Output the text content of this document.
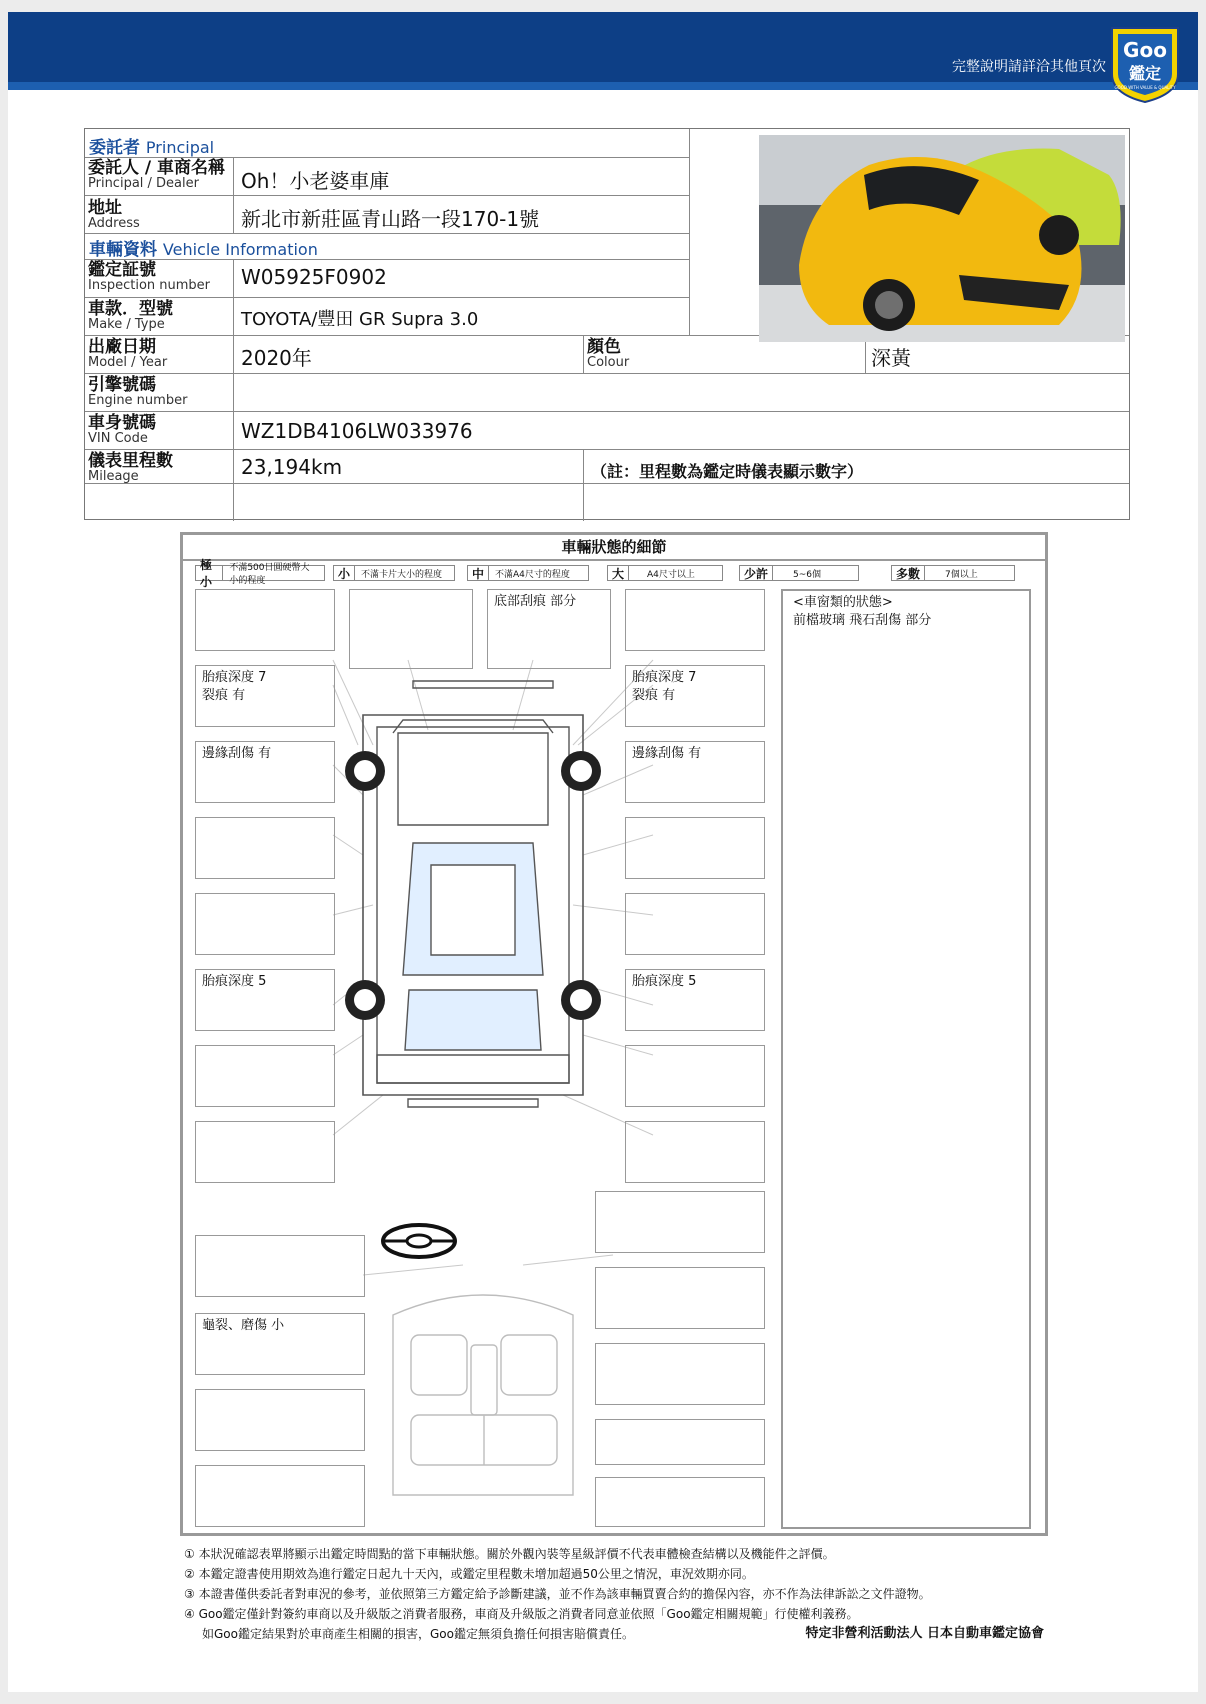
完整說明請詳洽其他頁次
Goo
鑑定
GOOD WITH VALUE & QUALITY
委託者 Principal
委託人 / 車商名稱
Principal / Dealer	Oh！小老婆車庫
地址
Address	新北市新莊區青山路一段170-1號
車輛資料 Vehicle Information
鑑定証號
Inspection number W05925F0902
車款．型號
Make / Type	TOYOTA/豐田 GR Supra 3.0
出廠日期
Model / Year	2020年	顏色
Colour	深黃
引擎號碼
Engine number
車身號碼
VIN Code	WZ1DB4106LW033976
儀表里程數
Mileage	23,194km	（註：里程數為鑑定時儀表顯示數字）
車輛狀態的細節
極小
不滿500日圓硬幣大小的程度
小	不滿卡片大小的程度	中	不滿A4尺寸的程度	大	A4尺寸以上	少許	5~6個	多數	7個以上
底部刮痕 部分
胎痕深度 7
裂痕 有
胎痕深度 7
裂痕 有
邊緣刮傷 有	邊緣刮傷 有
胎痕深度 5	胎痕深度 5
龜裂、磨傷 小
<車窗類的狀態>
前檔玻璃 飛石刮傷 部分
① 本狀況確認表單將顯示出鑑定時間點的當下車輛狀態。關於外觀內裝等星級評價不代表車體檢查結構以及機能件之評價。
② 本鑑定證書使用期效為進行鑑定日起九十天內，或鑑定里程數未增加超過50公里之情況，車況效期亦同。
③ 本證書僅供委託者對車況的參考，並依照第三方鑑定給予診斷建議，並不作為該車輛買賣合約的擔保內容，亦不作為法律訴訟之文件證物。
④ Goo鑑定僅針對簽約車商以及升級版之消費者服務，車商及升級版之消費者同意並依照「Goo鑑定相關規範」行使權利義務。
如Goo鑑定結果對於車商產生相關的損害，Goo鑑定無須負擔任何損害賠償責任。	特定非營利活動法人 日本自動車鑑定協會
